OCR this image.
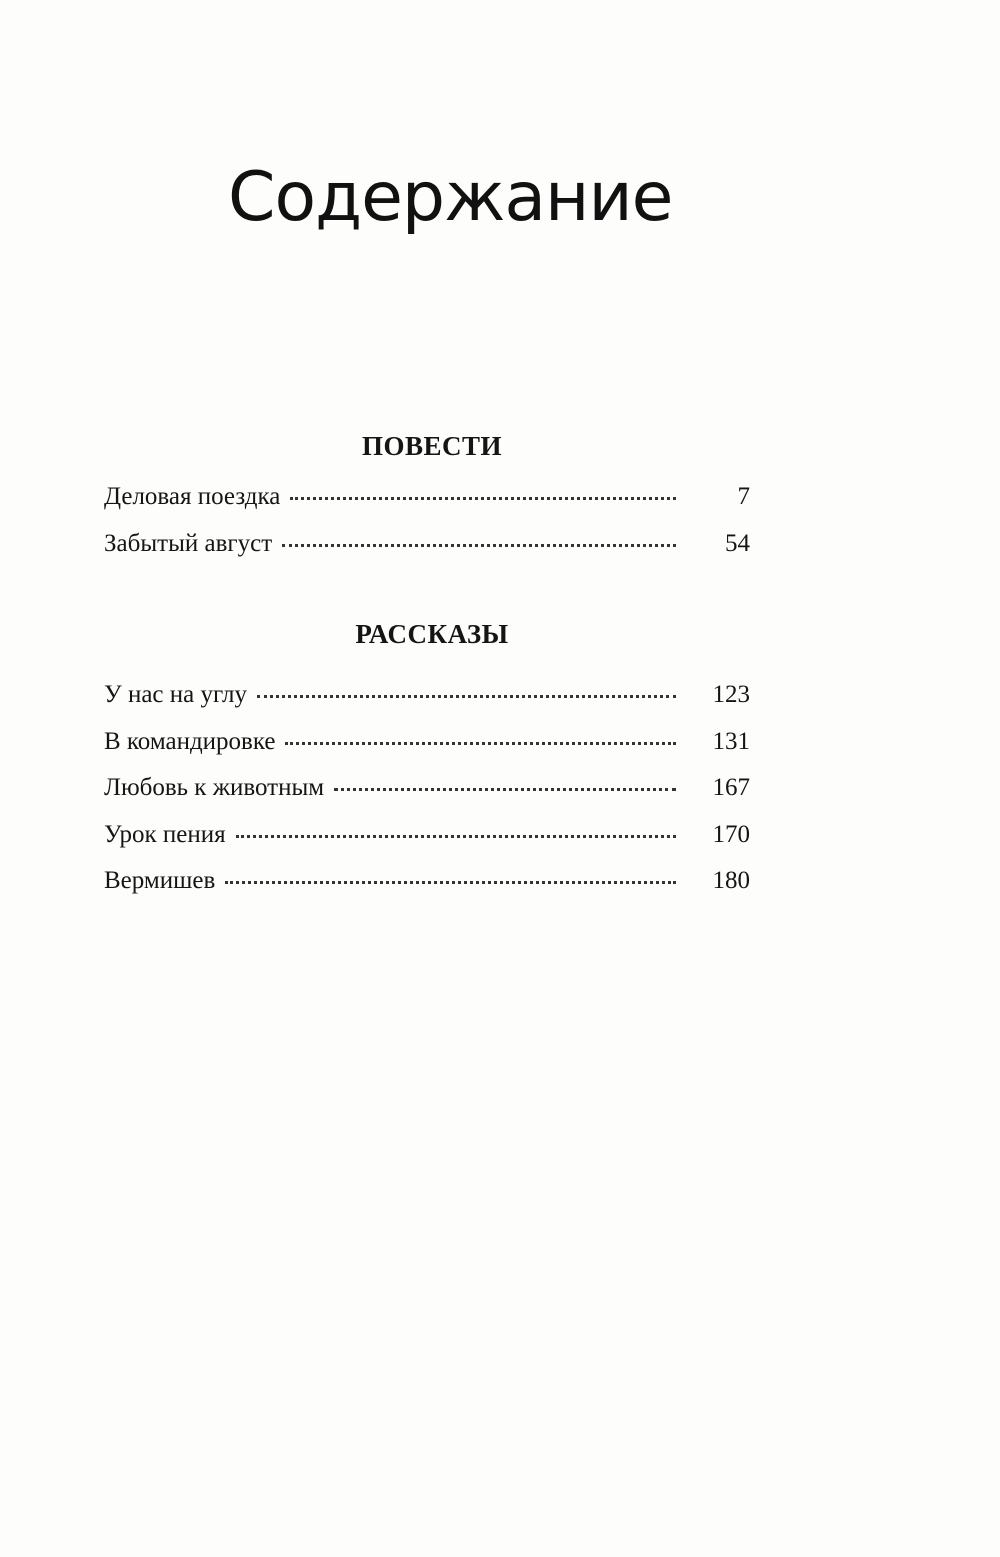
Содержание
ПОВЕСТИ
Деловая поездка	7
Забытый август	54
РАССКАЗЫ
У нас на углу	123
В командировке	131
Любовь к животным	167
Урок пения	170
Вермишев	180
